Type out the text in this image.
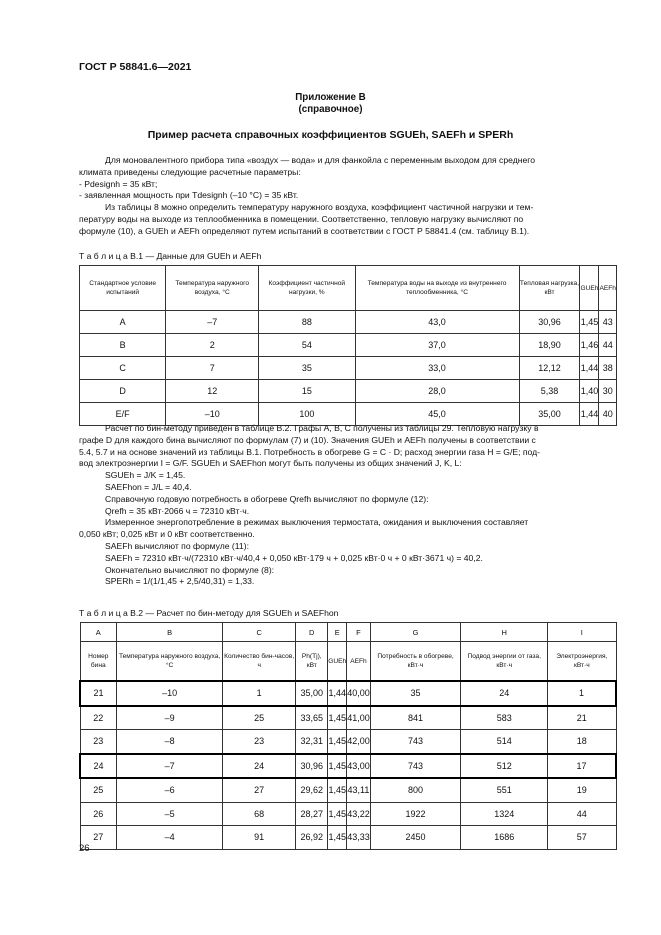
ГОСТ Р 58841.6—2021
Приложение В
(справочное)
Пример расчета справочных коэффициентов SGUEh, SAEFh и SPERh
Для моновалентного прибора типа «воздух — вода» и для фанкойла с переменным выходом для среднего
климата приведены следующие расчетные параметры:
- Pdesignh = 35 кВт;
- заявленная мощность при Tdesignh (–10 °С) = 35 кВт.
Из таблицы 8 можно определить температуру наружного воздуха, коэффициент частичной нагрузки и тем-
пературу воды на выходе из теплообменника в помещении. Соответственно, тепловую нагрузку вычисляют по
формуле (10), а GUEh и AEFh определяют путем испытаний в соответствии с ГОСТ Р 58841.4 (см. таблицу В.1).
Т а б л и ц а В.1 — Данные для GUEh и AEFh
Стандартное условие испытаний	Температура наружного воздуха, °С	Коэффициент частичной нагрузки, %	Температура воды на выходе из внутреннего теплообменника, °С	Тепловая нагрузка, кВт	GUEh	AEFh
A	–7	88	43,0	30,96	1,45	43
B	2	54	37,0	18,90	1,46	44
C	7	35	33,0	12,12	1,44	38
D	12	15	28,0	5,38	1,40	30
E/F	–10	100	45,0	35,00	1,44	40
Расчет по бин-методу приведен в таблице В.2. Графы А, В, С получены из таблицы 29. Тепловую нагрузку в
графе D для каждого бина вычисляют по формулам (7) и (10). Значения GUEh и AEFh получены в соответствии с
5.4, 5.7 и на основе значений из таблицы В.1. Потребность в обогреве G = C · D; расход энергии газа H = G/E; под-
вод электроэнергии I = G/F. SGUEh и SAEFhon могут быть получены из общих значений J, K, L:
SGUEh = J/K = 1,45.
SAEFhon = J/L = 40,4.
Справочную годовую потребность в обогреве Qrefh вычисляют по формуле (12):
Qrefh = 35 кВт·2066 ч = 72310 кВт·ч.
Измеренное энергопотребление в режимах выключения термостата, ожидания и выключения составляет
0,050 кВт; 0,025 кВт и 0 кВт соответственно.
SAEFh вычисляют по формуле (11):
SAEFh = 72310 кВт·ч/(72310 кВт·ч/40,4 + 0,050 кВт·179 ч + 0,025 кВт·0 ч + 0 кВт·3671 ч) = 40,2.
Окончательно вычисляют по формуле (8):
SPERh = 1/(1/1,45 + 2,5/40,31) = 1,33.
Т а б л и ц а В.2 — Расчет по бин-методу для SGUEh и SAEFhon
A	B	C	D	E	F	G	H	I
Номер бина	Температура наружного воздуха, °С	Количество бин-часов, ч	Ph(Tj), кВт	GUEh	AEFh	Потребность в обогреве, кВт·ч	Подвод энергии от газа, кВт·ч	Электроэнергия, кВт·ч
21	–10	1	35,00	1,44	40,00	35	24	1
22	–9	25	33,65	1,45	41,00	841	583	21
23	–8	23	32,31	1,45	42,00	743	514	18
24	–7	24	30,96	1,45	43,00	743	512	17
25	–6	27	29,62	1,45	43,11	800	551	19
26	–5	68	28,27	1,45	43,22	1922	1324	44
27	–4	91	26,92	1,45	43,33	2450	1686	57
26
